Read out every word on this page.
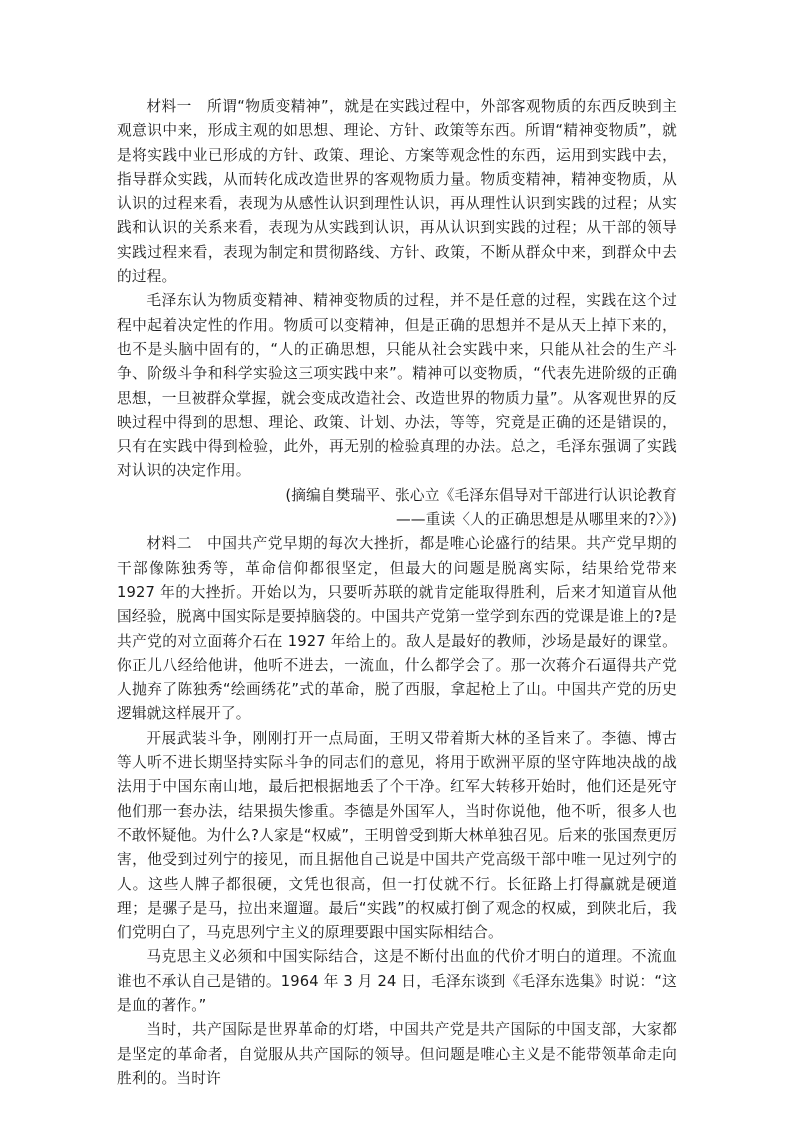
材料一　所谓“物质变精神”，就是在实践过程中，外部客观物质的东西反映到主观意识中来，形成主观的如思想、理论、方针、政策等东西。所谓“精神变物质”，就是将实践中业已形成的方针、政策、理论、方案等观念性的东西，运用到实践中去，指导群众实践，从而转化成改造世界的客观物质力量。物质变精神，精神变物质，从认识的过程来看，表现为从感性认识到理性认识，再从理性认识到实践的过程；从实践和认识的关系来看，表现为从实践到认识，再从认识到实践的过程；从干部的领导实践过程来看，表现为制定和贯彻路线、方针、政策，不断从群众中来，到群众中去的过程。

毛泽东认为物质变精神、精神变物质的过程，并不是任意的过程，实践在这个过程中起着决定性的作用。物质可以变精神，但是正确的思想并不是从天上掉下来的，也不是头脑中固有的，“人的正确思想，只能从社会实践中来，只能从社会的生产斗争、阶级斗争和科学实验这三项实践中来”。精神可以变物质，“代表先进阶级的正确思想，一旦被群众掌握，就会变成改造社会、改造世界的物质力量”。从客观世界的反映过程中得到的思想、理论、政策、计划、办法，等等，究竟是正确的还是错误的，只有在实践中得到检验，此外，再无别的检验真理的办法。总之，毛泽东强调了实践对认识的决定作用。

(摘编自樊瑞平、张心立《毛泽东倡导对干部进行认识论教育

——重读〈人的正确思想是从哪里来的?〉》)

材料二　中国共产党早期的每次大挫折，都是唯心论盛行的结果。共产党早期的干部像陈独秀等，革命信仰都很坚定，但最大的问题是脱离实际，结果给党带来 1927 年的大挫折。开始以为，只要听苏联的就肯定能取得胜利，后来才知道盲从他国经验，脱离中国实际是要掉脑袋的。中国共产党第一堂学到东西的党课是谁上的?是共产党的对立面蒋介石在 1927 年给上的。敌人是最好的教师，沙场是最好的课堂。你正儿八经给他讲，他听不进去，一流血，什么都学会了。那一次蒋介石逼得共产党人抛弃了陈独秀“绘画绣花”式的革命，脱了西服，拿起枪上了山。中国共产党的历史逻辑就这样展开了。

开展武装斗争，刚刚打开一点局面，王明又带着斯大林的圣旨来了。李德、博古等人听不进长期坚持实际斗争的同志们的意见，将用于欧洲平原的坚守阵地决战的战法用于中国东南山地，最后把根据地丢了个干净。红军大转移开始时，他们还是死守他们那一套办法，结果损失惨重。李德是外国军人，当时你说他，他不听，很多人也不敢怀疑他。为什么?人家是“权威”，王明曾受到斯大林单独召见。后来的张国焘更厉害，他受到过列宁的接见，而且据他自己说是中国共产党高级干部中唯一见过列宁的人。这些人牌子都很硬，文凭也很高，但一打仗就不行。长征路上打得赢就是硬道理；是骡子是马，拉出来遛遛。最后“实践”的权威打倒了观念的权威，到陕北后，我们党明白了，马克思列宁主义的原理要跟中国实际相结合。

马克思主义必须和中国实际结合，这是不断付出血的代价才明白的道理。不流血谁也不承认自己是错的。1964 年 3 月 24 日，毛泽东谈到《毛泽东选集》时说：“这是血的著作。”

当时，共产国际是世界革命的灯塔，中国共产党是共产国际的中国支部，大家都是坚定的革命者，自觉服从共产国际的领导。但问题是唯心主义是不能带领革命走向胜利的。当时许
